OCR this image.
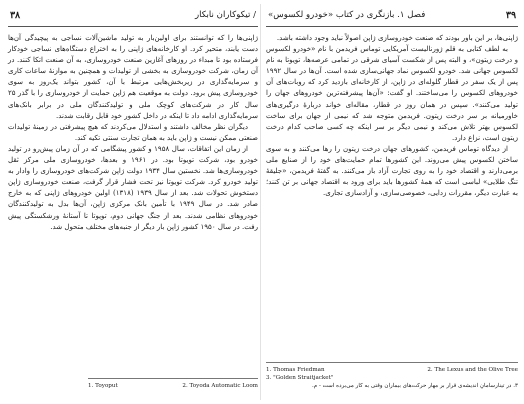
/ تیکوکاران نابکار
۳۸

ژاپنی‌ها را که توانستند برای اولین‌بار به تولید ماشین‌آلات نساجی‌ به پیچیدگی آن‌ها دست یابند، متحیر کرد. او کارخانه‌های ژاپنی را به اختراع دستگاه‌های نساجی خودکار فرستاده بود تا مبداء در روزهای آغازین صنعت خودروسازی، به آن صنعت اتکا کنند. در آن زمان، شرکت خودروسازی به بخشی از تولیدات و همچنین به موازنهٔ ساعات کاری و سرمایه‌گذاری در زیربخش‌هایی مرتبط با آن، کشور بتواند یک‌روز به سوی خودروسازی پیش برود. دولت به موقعیت هم ژاپن حمایت از خودروسازی را با گذر ۲۵ سال کار در شرکت‌های کوچک ملی و تولیدکنندگان ملی در برابر بانک‌های سرمایه‌گذاری ادامه داد تا اینکه در داخل کشور خود قابل رقابت شدند.

دیگران نظر مخالف داشتند و استدلال می‌کردند که هیچ پیشرفتی در زمینهٔ تولیدات صنعتی ممکن نیست و ژاپن باید به همان تجارت سنتی تکیه کند.

از زمان این اتفاقات، سال ۱۹۵۸ و کشور پیشگامی که در آن زمان پیش‌رو در تولید خودرو بود، شرکت تویوتا بود. در ۱۹۶۱ و بعدها، خودروسازی ملی مرکز ثقل خودروسازی‌ها شد. نخستین سال ۱۹۳۴ دولت ژاپن شرکت‌های خودروسازی را وادار به تولید خودرو کرد. شرکت تویوتا نیز تحت فشار قرار گرفت، صنعت خودروسازی ژاپن دستخوش تحولات شد. بعد از سال ۱۹۳۹ (۱۳۱۸) اولین خودروهای ژاپنی که به خارج صادر شد. در سال ۱۹۴۹ با تأمین بانک مرکزی ژاپن، آن‌ها بدل به تولیدکنندگان خودروهای نظامی شدند. بعد از جنگ جهانی دوم، تویوتا تا آستانهٔ ورشکستگی پیش رفت. در سال ۱۹۵۰ کشور ژاپن بار دیگر از جنبه‌های مختلف متحول شد.

1. Toyoput	2. Toyoda Automatic Loom
۳۹
فصل ۱. بازنگری در کتاب «خودرو لکسوس»

ژاپنی‌ها، بر این باور بودند که صنعت خودروسازی ژاپن اصولاً نباید وجود داشته باشد.

به لطف کتابی به قلم ژورنالیست آمریکایی توماس فریدمن با نام «خودرو لکسوس و درخت زیتون»، و البته پس از شکست آسیای شرقی در تمامی عرصه‌ها، تویوتا به نام لکسوس جهانی شد. خودرو لکسوس نماد جهانی‌سازی شده است. آن‌ها در سال ۱۹۹۲ پس از یک سفر در قطار گلوله‌ای در ژاپن، از کارخانه‌ای بازدید کرد که روبات‌های آن خودروهای لکسوس را می‌ساختند. او گفت: «آن‌ها پیشرفته‌ترین خودروهای جهان را تولید می‌کنند». سپس در همان روز در قطار، مقاله‌ای خواند دربارهٔ درگیری‌های خاورمیانه بر سر درخت زیتون. فریدمن متوجه شد که نیمی از جهان برای ساخت لکسوس بهتر تلاش می‌کند و نیمی دیگر بر سر اینکه چه کسی صاحب کدام درخت زیتون است، نزاع دارد.

از دیدگاه توماس فریدمن، کشورهای جهان درخت زیتون را رها می‌کنند و به سوی ساختن لکسوس پیش می‌روند. این کشورها تمام حمایت‌های خود را از صنایع ملی برمی‌دارند و اقتصاد خود را به روی تجارت آزاد باز می‌کنند. به گفتهٔ فریدمن، «جلیقهٔ تنگ طلایی» لباسی است که همهٔ کشورها باید برای ورود به اقتصاد جهانی بر تن کنند؛ به عبارت دیگر، مقررات زدایی، خصوصی‌سازی، و آزادسازی تجاری.

1. Thomas Friedman	2. The Lexus and the Olive Tree
3. "Golden Straitjacket"
۳. در تینارسامانِ اندیشه‌ی قرار بر مهار حرکت‌های بیماران وقتی به کار می‌برده است - م.
